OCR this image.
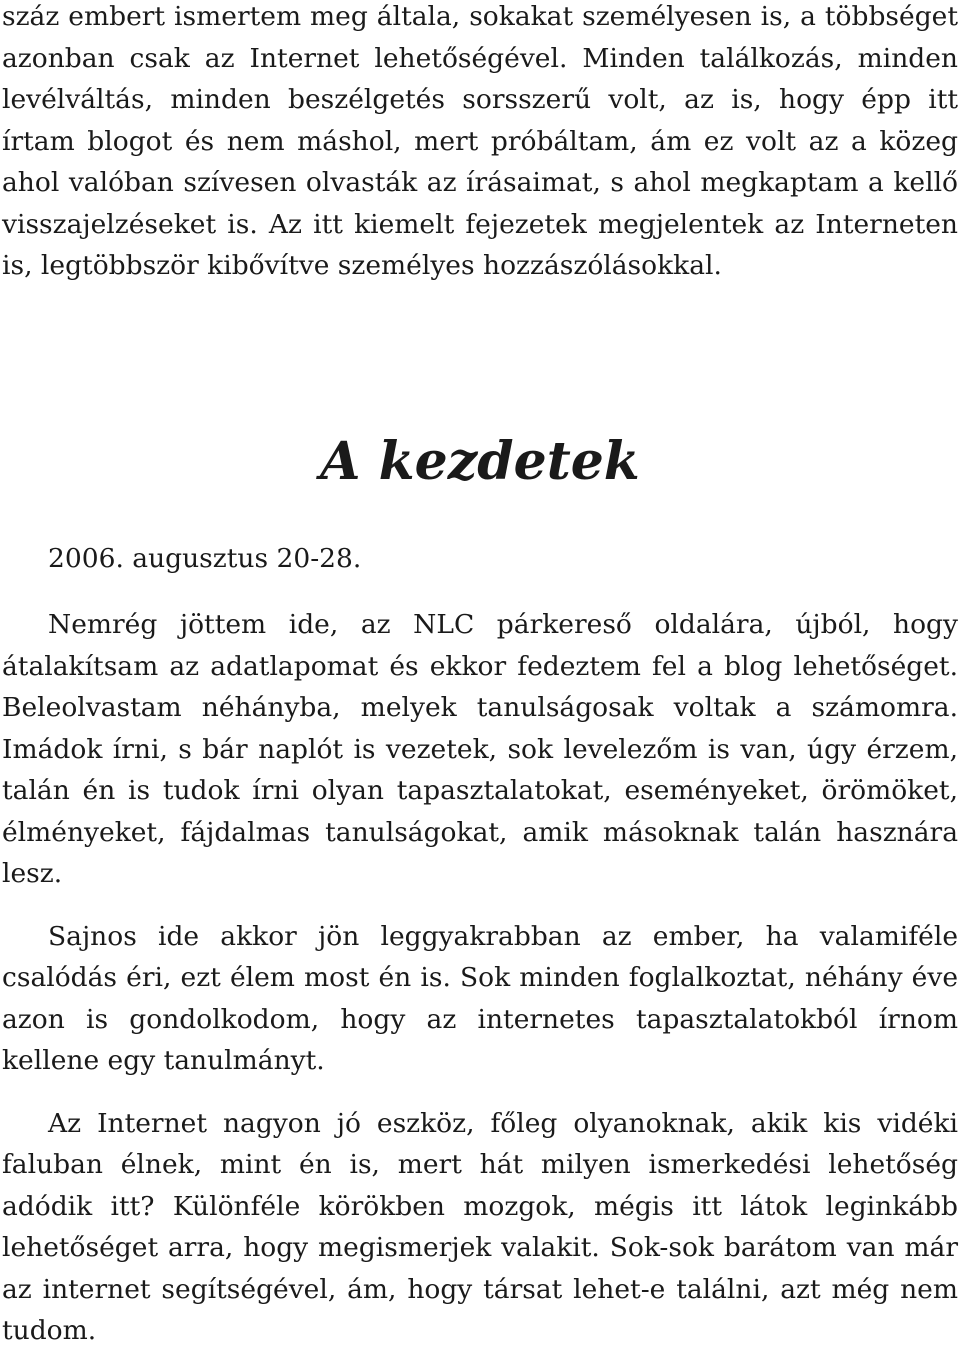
száz embert ismertem meg általa, sokakat személyesen is, a többséget azonban csak az Internet lehetőségével. Minden találkozás, minden levélváltás, minden beszélgetés sorsszerű volt, az is, hogy épp itt írtam blogot és nem máshol, mert próbáltam, ám ez volt az a közeg ahol valóban szívesen olvasták az írásaimat, s ahol megkaptam a kellő visszajelzéseket is. Az itt kiemelt fejezetek megjelentek az Interneten is, legtöbbször kibővítve személyes hozzászólásokkal.

A kezdetek

2006. augusztus 20-28.

Nemrég jöttem ide, az NLC párkereső oldalára, újból, hogy átalakítsam az adatlapomat és ekkor fedeztem fel a blog lehetőséget. Beleolvastam néhányba, melyek tanulságosak voltak a számomra. Imádok írni, s bár naplót is vezetek, sok levelezőm is van, úgy érzem, talán én is tudok írni olyan tapasztalatokat, eseményeket, örömöket, élményeket, fájdalmas tanulságokat, amik másoknak talán hasznára lesz.

Sajnos ide akkor jön leggyakrabban az ember, ha valamiféle csalódás éri, ezt élem most én is. Sok minden foglalkoztat, néhány éve azon is gondolkodom, hogy az internetes tapasztalatokból írnom kellene egy tanulmányt.

Az Internet nagyon jó eszköz, főleg olyanoknak, akik kis vidéki faluban élnek, mint én is, mert hát milyen ismerkedési lehetőség adódik itt? Különféle körökben mozgok, mégis itt látok leginkább lehetőséget arra, hogy megismerjek valakit. Sok-sok barátom van már az internet segítségével, ám, hogy társat lehet-e találni, azt még nem tudom.
